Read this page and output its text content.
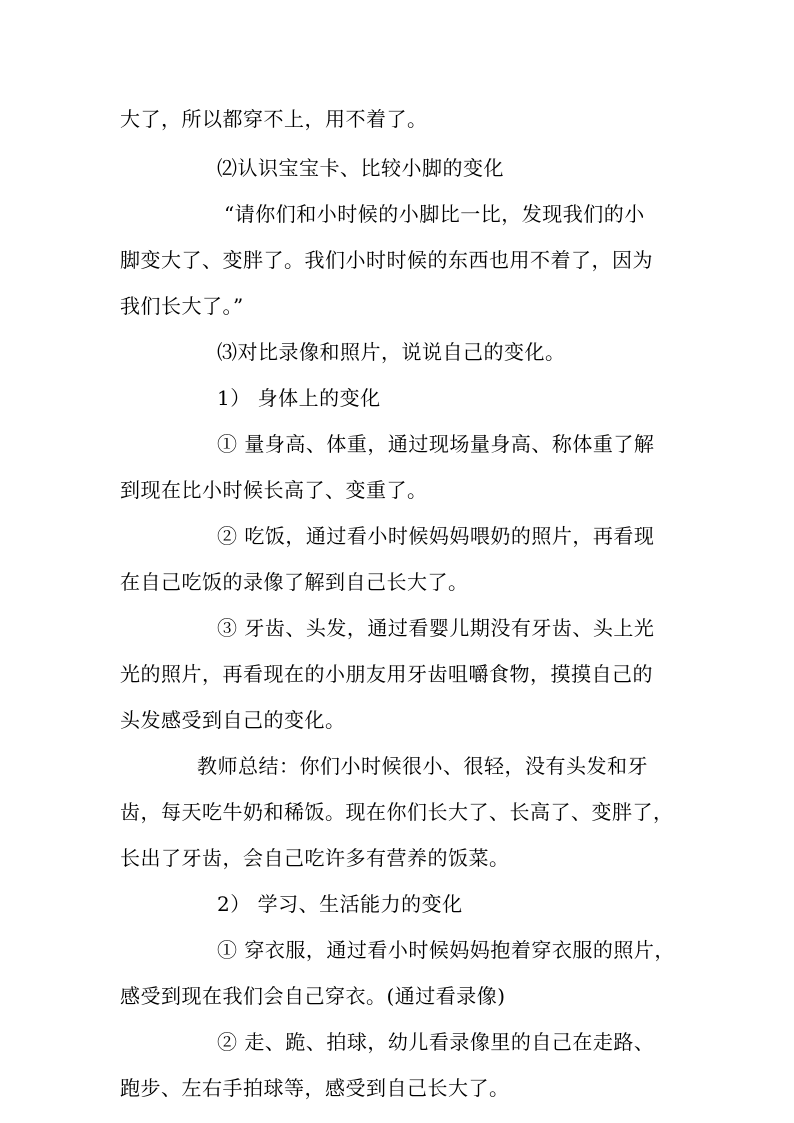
大了，所以都穿不上，用不着了。
⑵认识宝宝卡、比较小脚的变化
“请你们和小时候的小脚比一比，发现我们的小
脚变大了、变胖了。我们小时时候的东西也用不着了，因为
我们长大了。”
⑶对比录像和照片，说说自己的变化。
1） 身体上的变化
① 量身高、体重，通过现场量身高、称体重了解
到现在比小时候长高了、变重了。
② 吃饭，通过看小时候妈妈喂奶的照片，再看现
在自己吃饭的录像了解到自己长大了。
③ 牙齿、头发，通过看婴儿期没有牙齿、头上光
光的照片，再看现在的小朋友用牙齿咀嚼食物，摸摸自己的
头发感受到自己的变化。
教师总结：你们小时候很小、很轻，没有头发和牙
齿，每天吃牛奶和稀饭。现在你们长大了、长高了、变胖了，
长出了牙齿，会自己吃许多有营养的饭菜。
2） 学习、生活能力的变化
① 穿衣服，通过看小时候妈妈抱着穿衣服的照片，
感受到现在我们会自己穿衣。(通过看录像)
② 走、跪、拍球，幼儿看录像里的自己在走路、
跑步、左右手拍球等，感受到自己长大了。
